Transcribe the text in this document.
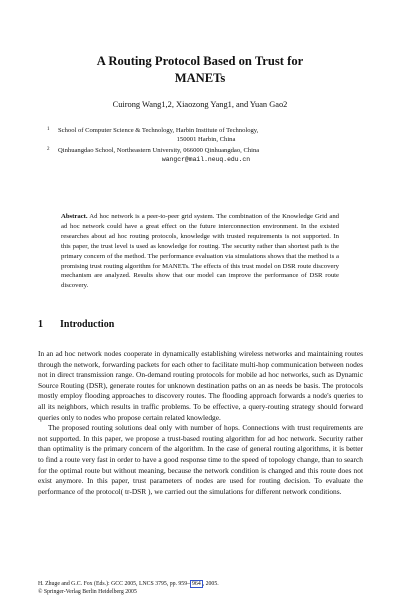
A Routing Protocol Based on Trust for
MANETs
Cuirong Wang1,2, Xiaozong Yang1, and Yuan Gao2
1 School of Computer Science & Technology, Harbin Institute of Technology,
150001 Harbin, China
2 Qinhuangdao School, Northeastern University, 066000 Qinhuangdao, China
wangcr@mail.neuq.edu.cn
Abstract. Ad hoc network is a peer-to-peer grid system. The combination of the Knowledge Grid and ad hoc network could have a great effect on the future interconnection environment. In the existed researches about ad hoc routing protocols, knowledge with trusted requirements is not supported. In this paper, the trust level is used as knowledge for routing. The security rather than shortest path is the primary concern of the method. The performance evaluation via simulations shows that the method is a promising trust routing algorithm for MANETs. The effects of this trust model on DSR route discovery mechanism are analyzed. Results show that our model can improve the performance of DSR route discovery.
1 Introduction

In an ad hoc network nodes cooperate in dynamically establishing wireless networks and maintaining routes through the network, forwarding packets for each other to facilitate multi-hop communication between nodes not in direct transmission range. On-demand routing protocols for mobile ad hoc networks, such as Dynamic Source Routing (DSR), generate routes for unknown destination paths on an as needs be basis. The protocols mostly employ flooding approaches to discovery routes. The flooding approach forwards a node's queries to all its neighbors, which results in traffic problems. To be effective, a query-routing strategy should forward queries only to nodes who propose certain related knowledge.

The proposed routing solutions deal only with number of hops. Connections with trust requirements are not supported. In this paper, we propose a trust-based routing algorithm for ad hoc network. Security rather than optimality is the primary concern of the algorithm. In the case of general routing algorithms, it is better to find a route very fast in order to have a good response time to the speed of topology change, than to search for the optimal route but without meaning, because the network condition is changed and this route does not exist anymore. In this paper, trust parameters of nodes are used for routing decision. To evaluate the performance of the protocol( tr-DSR ), we carried out the simulations for different network conditions.

H. Zhuge and G.C. Fox (Eds.): GCC 2005, LNCS 3795, pp. 959– 964 , 2005.
© Springer-Verlag Berlin Heidelberg 2005
